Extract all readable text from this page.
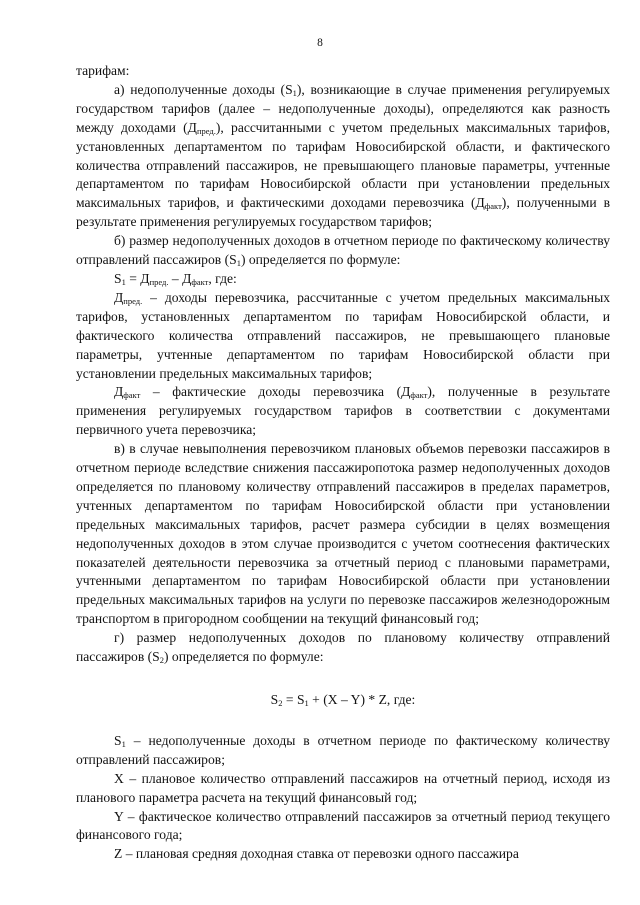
8

тарифам:

а) недополученные доходы $(S_1)$, возникающие в случае применения регулируемых государством тарифов (далее – недополученные доходы), определяются как разность между доходами $(Д_{пред.})$, рассчитанными с учетом предельных максимальных тарифов, установленных департаментом по тарифам Новосибирской области, и фактического количества отправлений пассажиров, не превышающего плановые параметры, учтенные департаментом по тарифам Новосибирской области при установлении предельных максимальных тарифов, и фактическими доходами перевозчика $(Д_{факт})$, полученными в результате применения регулируемых государством тарифов;

б) размер недополученных доходов в отчетном периоде по фактическому количеству отправлений пассажиров $(S_1)$ определяется по формуле:

$S_1 = Д_{пред.} - Д_{факт}$, где:

$Д_{пред.}$ – доходы перевозчика, рассчитанные с учетом предельных максимальных тарифов, установленных департаментом по тарифам Новосибирской области, и фактического количества отправлений пассажиров, не превышающего плановые параметры, учтенные департаментом по тарифам Новосибирской области при установлении предельных максимальных тарифов;

$Д_{факт}$ – фактические доходы перевозчика $(Д_{факт})$, полученные в результате применения регулируемых государством тарифов в соответствии с документами первичного учета перевозчика;

в) в случае невыполнения перевозчиком плановых объемов перевозки пассажиров в отчетном периоде вследствие снижения пассажиропотока размер недополученных доходов определяется по плановому количеству отправлений пассажиров в пределах параметров, учтенных департаментом по тарифам Новосибирской области при установлении предельных максимальных тарифов, расчет размера субсидии в целях возмещения недополученных доходов в этом случае производится с учетом соотнесения фактических показателей деятельности перевозчика за отчетный период с плановыми параметрами, учтенными департаментом по тарифам Новосибирской области при установлении предельных максимальных тарифов на услуги по перевозке пассажиров железнодорожным транспортом в пригородном сообщении на текущий финансовый год;

г) размер недополученных доходов по плановому количеству отправлений пассажиров $(S_2)$ определяется по формуле:

$S_2 = S_1 + (X - Y) * Z$, где:

$S_1$ – недополученные доходы в отчетном периоде по фактическому количеству отправлений пассажиров;

X – плановое количество отправлений пассажиров на отчетный период, исходя из планового параметра расчета на текущий финансовый год;

Y – фактическое количество отправлений пассажиров за отчетный период текущего финансового года;

Z – плановая средняя доходная ставка от перевозки одного пассажира
